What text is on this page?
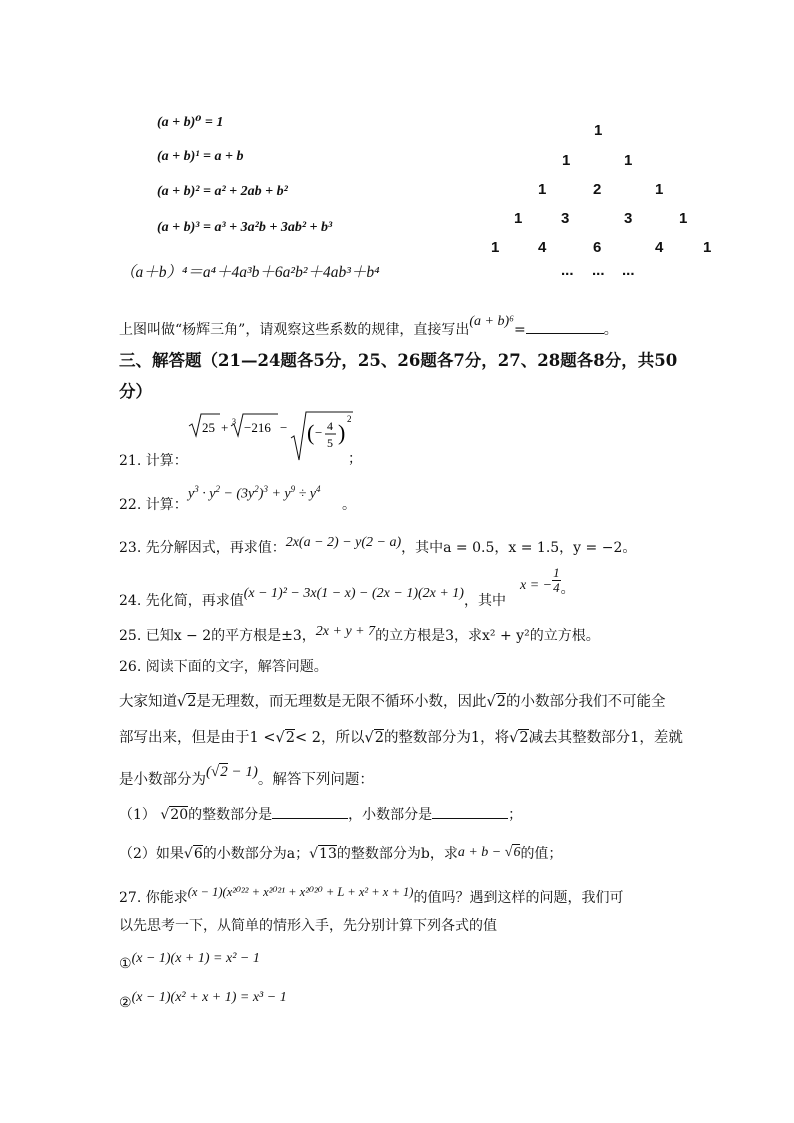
(a + b)⁰ = 1
(a + b)¹ = a + b
(a + b)² = a² + 2ab + b²
(a + b)³ = a³ + 3a²b + 3ab² + b³
（a＋b）⁴＝a⁴＋4a³b＋6a²b²＋4ab³＋b⁴
1
1	1
1	2	1
1	3	3	1
1	4	6	4	1
... ... ...
上图叫做“杨辉三角”，请观察这些系数的规律，直接写出(a + b)⁶=	。
三、解答题（21—24题各5分，25、26题各7分，27、28题各8分，共50
分）
21. 计算：
25 + 3 −216 − ( − 4
5 )
2
；
22. 计算：
$y^3 \cdot y^2 - (3y^2)^3 + y^9 \div y^4$
。
23. 先分解因式，再求值：2x(a − 2) − y(2 − a)，其中a = 0.5，x = 1.5，y = −2。
24. 先化简，再求值(x − 1)² − 3x(1 − x) − (2x − 1)(2x + 1)，其中
x = − $\frac{1}{4}$ 。
25. 已知x − 2的平方根是±3，2x + y + 7的立方根是3，求x² + y²的立方根。
26. 阅读下面的文字，解答问题。
大家知道√2是无理数，而无理数是无限不循环小数，因此√2的小数部分我们不可能全
部写出来，但是由于1 <√2< 2，所以√2的整数部分为1，将√2减去其整数部分1，差就
是小数部分为(√2 − 1)。解答下列问题：
（1） √20的整数部分是	，小数部分是	；
（2）如果√6的小数部分为a；√13的整数部分为b，求a + b − √6的值；
27. 你能求(x − 1)(x²⁰²² + x²⁰²¹ + x²⁰²⁰ + L + x² + x + 1)的值吗？遇到这样的问题，我们可
以先思考一下，从简单的情形入手，先分别计算下列各式的值
①(x − 1)(x + 1) = x² − 1
②(x − 1)(x² + x + 1) = x³ − 1
